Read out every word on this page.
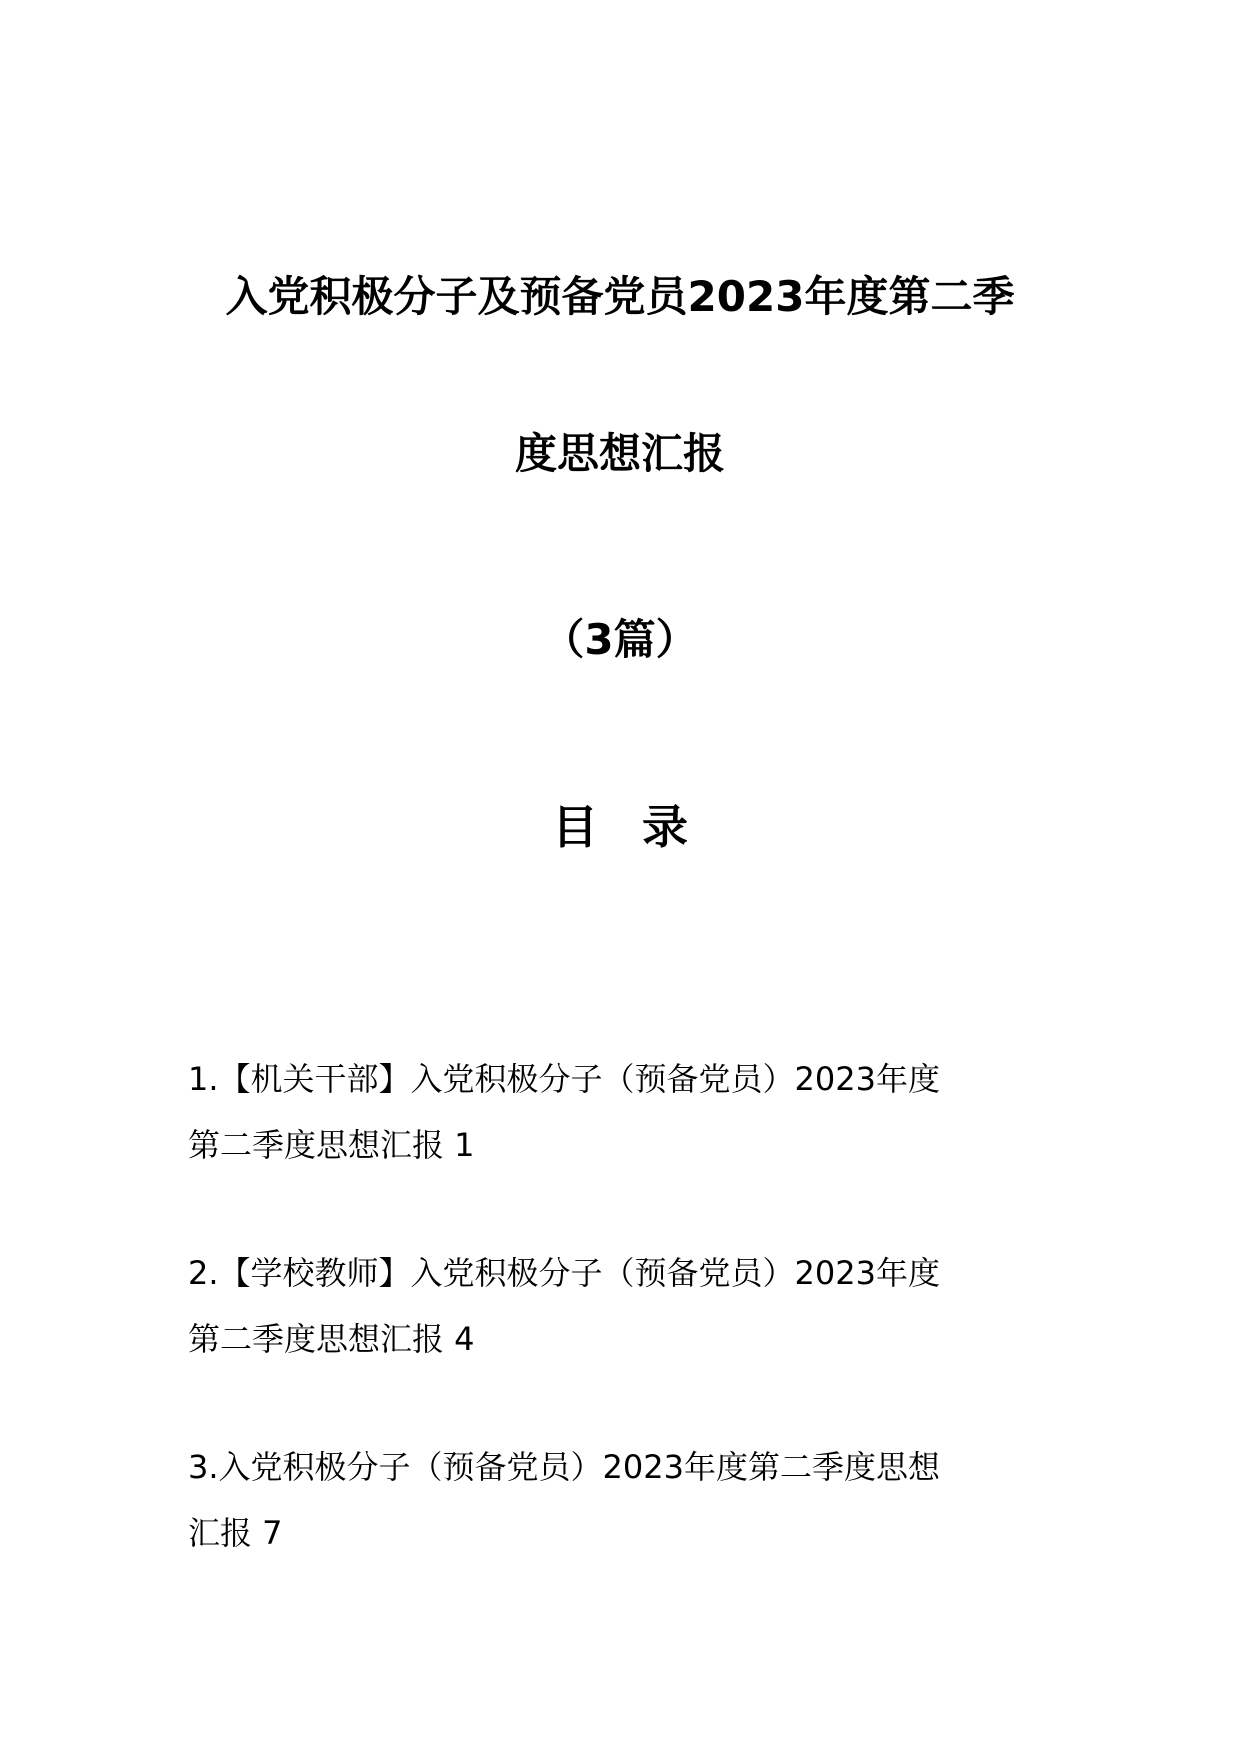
入党积极分子及预备党员2023年度第二季
度思想汇报
（3篇）
目 录
1.【机关干部】入党积极分子（预备党员）2023年度
第二季度思想汇报 1
2.【学校教师】入党积极分子（预备党员）2023年度
第二季度思想汇报 4
3.入党积极分子（预备党员）2023年度第二季度思想
汇报 7
